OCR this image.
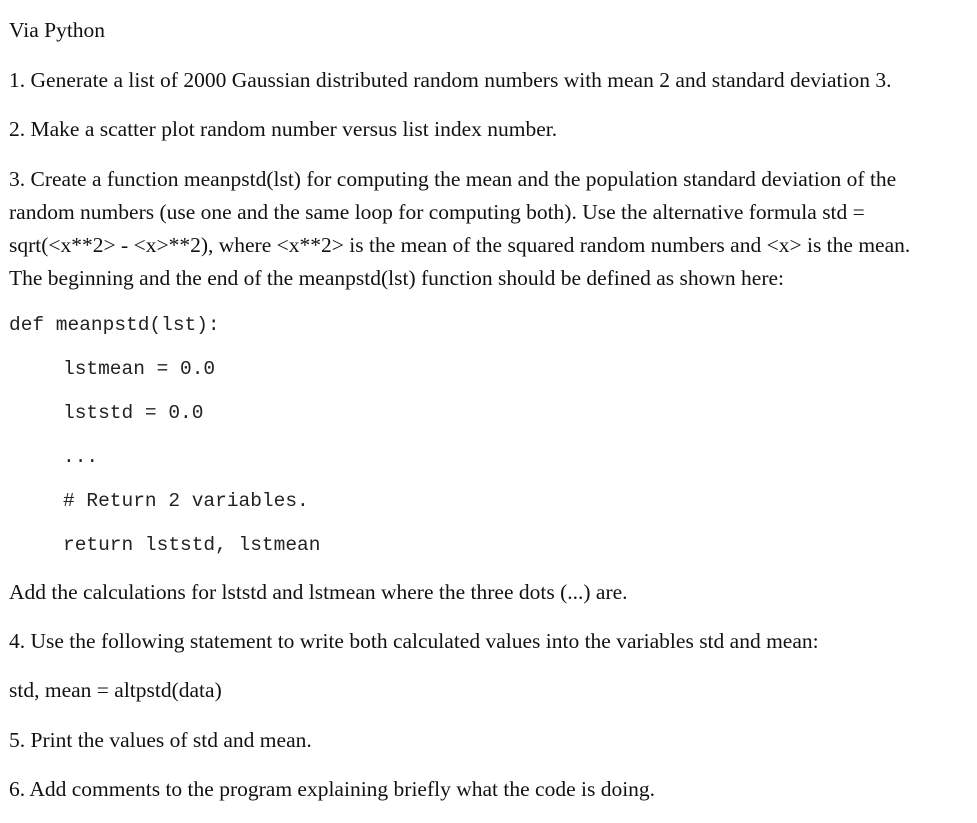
Via Python

1. Generate a list of 2000 Gaussian distributed random numbers with mean 2 and standard deviation 3.

2. Make a scatter plot random number versus list index number.

3. Create a function meanpstd(lst) for computing the mean and the population standard deviation of the
random numbers (use one and the same loop for computing both). Use the alternative formula std =
sqrt(<x**2> - <x>**2), where <x**2> is the mean of the squared random numbers and <x> is the mean.
The beginning and the end of the meanpstd(lst) function should be defined as shown here:
def meanpstd(lst):
lstmean = 0.0
lststd = 0.0
...
# Return 2 variables.
return lststd, lstmean

Add the calculations for lststd and lstmean where the three dots (...) are.

4. Use the following statement to write both calculated values into the variables std and mean:

std, mean = altpstd(data)

5. Print the values of std and mean.

6. Add comments to the program explaining briefly what the code is doing.
